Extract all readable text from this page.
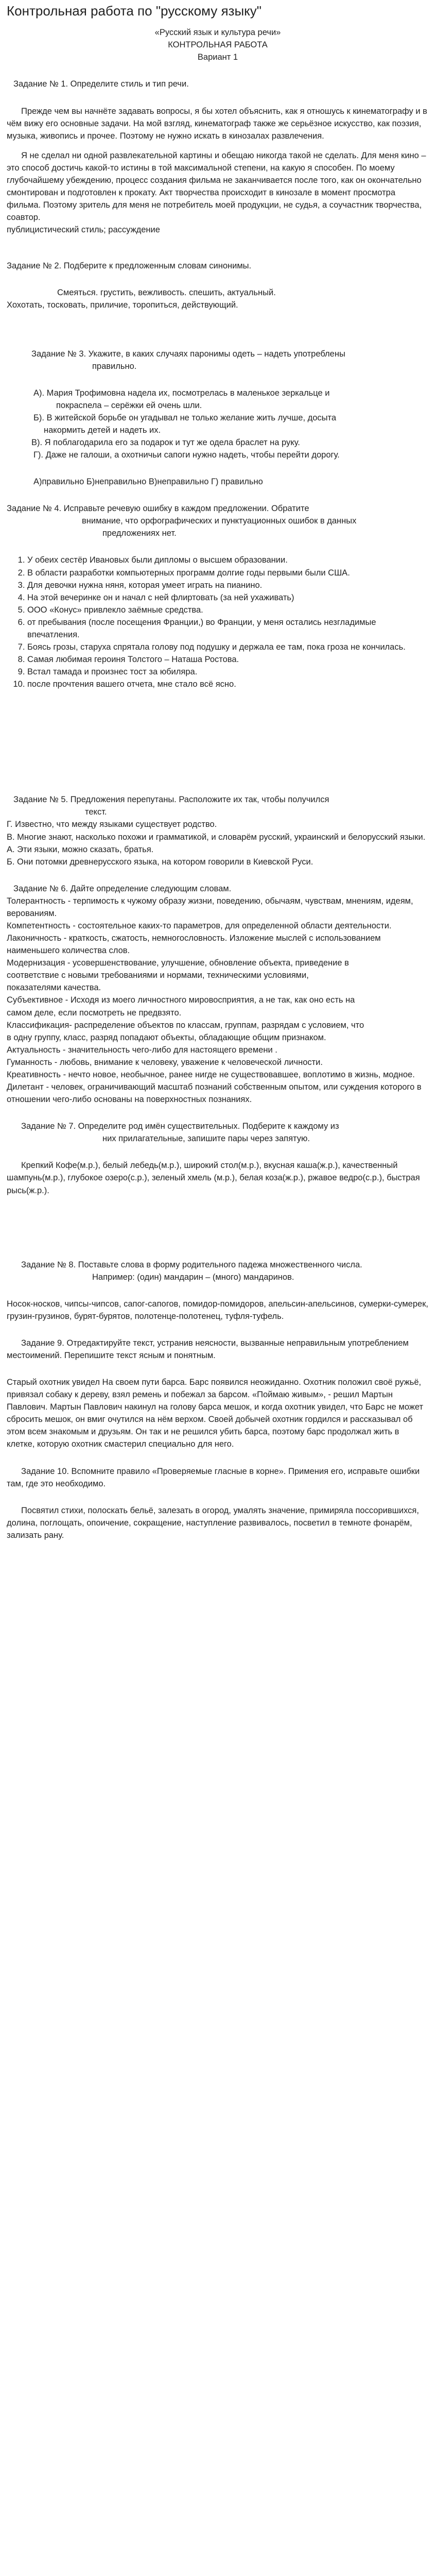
Контрольная работа по "русскому языку"

«Русский язык и культура речи»

КОНТРОЛЬНАЯ РАБОТА

Вариант 1

Задание № 1. Определите стиль и тип речи.

Прежде чем вы начнёте задавать вопросы, я бы хотел объяснить, как я отношусь к кинематографу и в чём вижу его основные задачи. На мой взгляд, кинематограф также же серьёзное искусство, как поэзия, музыка, живопись и прочее. Поэтому не нужно искать в кинозалах развлечения.

Я не сделал ни одной развлекательной картины и обещаю никогда такой не сделать. Для меня кино – это способ достичь какой-то истины в той максимальной степени, на какую я способен. По моему глубочайшему убеждению, процесс создания фильма не заканчивается после того, как он окончательно смонтирован и подготовлен к прокату. Акт творчества происходит в кинозале в момент просмотра фильма. Поэтому зритель для меня не потребитель моей продукции, не судья, а соучастник творчества, соавтор.

публицистический стиль; рассуждение

Задание № 2. Подберите к предложенным словам синонимы.

Смеяться. грустить, вежливость. спешить, актуальный.

Хохотать, тосковать, приличие, торопиться, действующий.

Задание № 3. Укажите, в каких случаях паронимы одеть – надеть употреблены

правильно.

А). Мария Трофимовна надела их, посмотрелась в маленькое зеркальце и

покрасnела – серёжки ей очень шли.

Б). В житейской борьбе он угадывал не только желание жить лучше, досыта

накормить детей и надеть их.

В). Я поблагодарила его за подарок и тут же одела браслет на руку.

Г). Даже не галоши, а охотничьи сапоги нужно надеть, чтобы перейти дорогу.

А)правильно Б)неправильно В)неправильно Г) правильно

Задание № 4. Исправьте речевую ошибку в каждом предложении. Обратите

внимание, что орфографических и пунктуационных ошибок в данных

предложениях нет.

1. У обеих сестёр Ивановых были дипломы о высшем образовании.
2. В области разработки компьютерных программ долгие годы первыми были США.
3. Для девочки нужна няня, которая умеет играть на пианино.
4. На этой вечеринке он и начал с ней флиртовать (за ней ухаживать)
5. ООО «Конус» привлекло заёмные средства.
6. от пребывания (после посещения Франции,) во Франции, у меня остались незгладимые впечатления.
7. Боясь грозы, старуха спрятала голову под подушку и держала ее там, пока гроза не кончилась.
8. Самая любимая героиня Толстого – Наташа Ростова.
9. Встал тамада и произнес тост за юбиляра.
10. после прочтения вашего отчета, мне стало всё ясно.

Задание № 5. Предложения перепутаны. Расположите их так, чтобы получился

текст.

Г. Известно, что между языками существует родство.

В. Многие знают, насколько похожи и грамматикой, и словарём русский, украинский и белорусский языки.

А. Эти языки, можно сказать, братья.

Б. Они потомки древнерусского языка, на котором говорили в Киевской Руси.

Задание № 6. Дайте определение следующим словам.

Толерантность - терпимость к чужому образу жизни, поведению, обычаям, чувствам, мнениям, идеям, верованиям.

Компетентность - состоятельное каких-то параметров, для определенной области деятельности.

Лаконичность - краткость, сжатость, немногословность. Изложение мыслей с использованием наименьшего количества слов.

Модернизация - усовершенствование, улучшение, обновление объекта, приведение в

соответствие с новыми требованиями и нормами, техническими условиями,

показателями качества.

Субъективное - Исходя из моего личностного мировосприятия, а не так, как оно есть на

самом деле, если посмотреть не предвзято.

Классификация- распределение объектов по классам, группам, разрядам с условием, что

в одну группу, класс, разряд попадают объекты, обладающие общим признаком.

Актуальность - значительность чего-либо для настоящего времени .

Гуманность - любовь, внимание к человеку, уважение к человеческой личности.

Креативность - нечто новое, необычное, ранее нигде не существовавшее, воплотимо в жизнь, модное.

Дилетант - человек, ограничивающий масштаб познаний собственным опытом, или суждения которого в отношении чего-либо основаны на поверхностных познаниях.

Задание № 7. Определите род имён существительных. Подберите к каждому из

них прилагательные, запишите пары через запятую.

Крепкий Кофе(м.р.), белый лебедь(м.р.), широкий стол(м.р.), вкусная каша(ж.р.), качественный шампунь(м.р.), глубокое озеро(с.р.), зеленый хмель (м.р.), белая коза(ж.р.), ржавое ведро(с.р.), быстрая рысь(ж.р.).

Задание № 8. Поставьте слова в форму родительного падежа множественного числа.

Например: (один) мандарин – (много) мандаринов.

Носок-носков, чипсы-чипсов, сапог-сапогов, помидор-помидоров, апельсин-апельсинов, сумерки-сумерек, грузин-грузинов, бурят-бурятов, полотенце-полотенец, туфля-туфель.

Задание 9. Отредактируйте текст, устранив неясности, вызванные неправильным употреблением местоимений. Перепишите текст ясным и понятным.

Старый охотник увидел На своем пути барса. Барс появился неожиданно. Охотник положил своё ружьё, привязал собаку к дереву, взял ремень и побежал за барсом. «Поймаю живым», - решил Мартын Павлович. Мартын Павлович накинул на голову барса мешок, и когда охотник увидел, что Барс не может сбросить мешок, он вмиг очутился на нём верхом. Своей добычей охотник гордился и рассказывал об этом всем знакомым и друзьям. Он так и не решился убить барса, поэтому барс продолжал жить в клетке, которую охотник смастерил специально для него.

Задание 10. Вспомните правило «Проверяемые гласные в корне». Примения его, исправьте ошибки там, где это необходимо.

Посвятил стихи, полоскать бельё, залезать в огород, умалять значение, примиряла поссорившихся, долина, поглощать, опоичение, сокращение, наступление развивалось, посветил в темноте фонарём, зализать рану.
